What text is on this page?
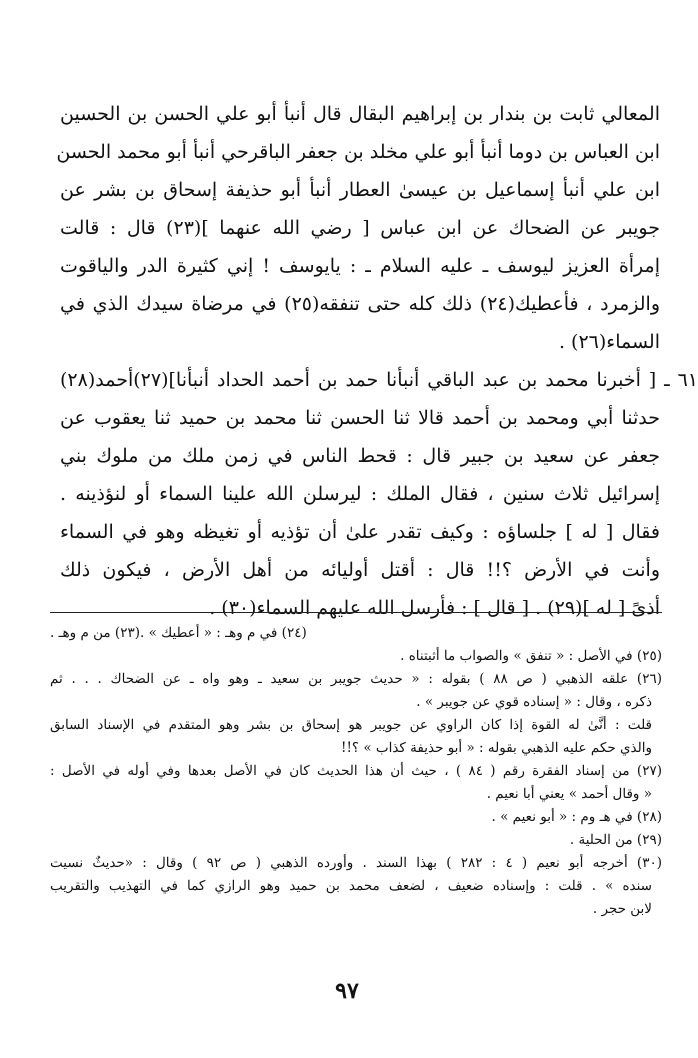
المعالي ثابت بن بندار بن إبراهيم البقال قال أنبأ أبو علي الحسن بن الحسين
ابن العباس بن دوما أنبأ أبو علي مخلد بن جعفر الباقرحي أنبأ أبو محمد الحسن
ابن علي أنبأ إسماعيل بن عيسىٰ العطار أنبأ أبو حذيفة إسحاق بن بشر عن
جويبر عن الضحاك عن ابن عباس [ رضي الله عنهما ](٢٣) قال : قالت
إمرأة العزيز ليوسف ـ عليه السلام ـ : يايوسف ! إني كثيرة الدر والياقوت
والزمرد ، فأعطيك(٢٤) ذلك كله حتى تنفقه(٢٥) في مرضاة سيدك الذي في
السماء(٢٦) .
٦١ ـ [ أخبرنا محمد بن عبد الباقي أنبأنا حمد بن أحمد الحداد أنبأنا](٢٧)أحمد(٢٨)
حدثنا أبي ومحمد بن أحمد قالا ثنا الحسن ثنا محمد بن حميد ثنا يعقوب عن
جعفر عن سعيد بن جبير قال : قحط الناس في زمن ملك من ملوك بني
إسرائيل ثلاث سنين ، فقال الملك : ليرسلن الله علينا السماء أو لنؤذينه .
فقال [ له ] جلساؤه : وكيف تقدر علىٰ أن تؤذيه أو تغيظه وهو في السماء
وأنت في الأرض ؟!! قال : أقتل أوليائه من أهل الأرض ، فيكون ذلك
أذىً [ له ](٢٩) . [ قال ] : فأرسل الله عليهم السماء(٣٠) .
(٢٣) من م وهـ . (٢٤) في م وهـ : « أعطيك » .
(٢٥) في الأصل : « تنفق » والصواب ما أثبتناه .
(٢٦) علقه الذهبي ( ص ٨٨ ) بقوله : « حديث جويبر بن سعيد ـ وهو واه ـ عن الضحاك . . . ثم
ذكره ، وقال : « إسناده قوي عن جويبر » .
قلت : أنَّىٰ له القوة إذا كان الراوي عن جويبر هو إسحاق بن بشر وهو المتقدم في الإسناد السابق
والذي حكم عليه الذهبي بقوله : « أبو حذيفة كذاب » ؟!!
(٢٧) من إسناد الفقرة رقم ( ٨٤ ) ، حيث أن هذا الحديث كان في الأصل بعدها وفي أوله في الأصل :
« وقال أحمد » يعني أبا نعيم .
(٢٨) في هـ وم : « أبو نعيم » .
(٢٩) من الحلية .
(٣٠) أخرجه أبو نعيم ( ٤ : ٢٨٢ ) بهذا السند . وأورده الذهبي ( ص ٩٢ ) وقال : «حديثٌ نسيت
سنده » . قلت : وإسناده ضعيف ، لضعف محمد بن حميد وهو الرازي كما في التهذيب والتقريب
لابن حجر .
٩٧
